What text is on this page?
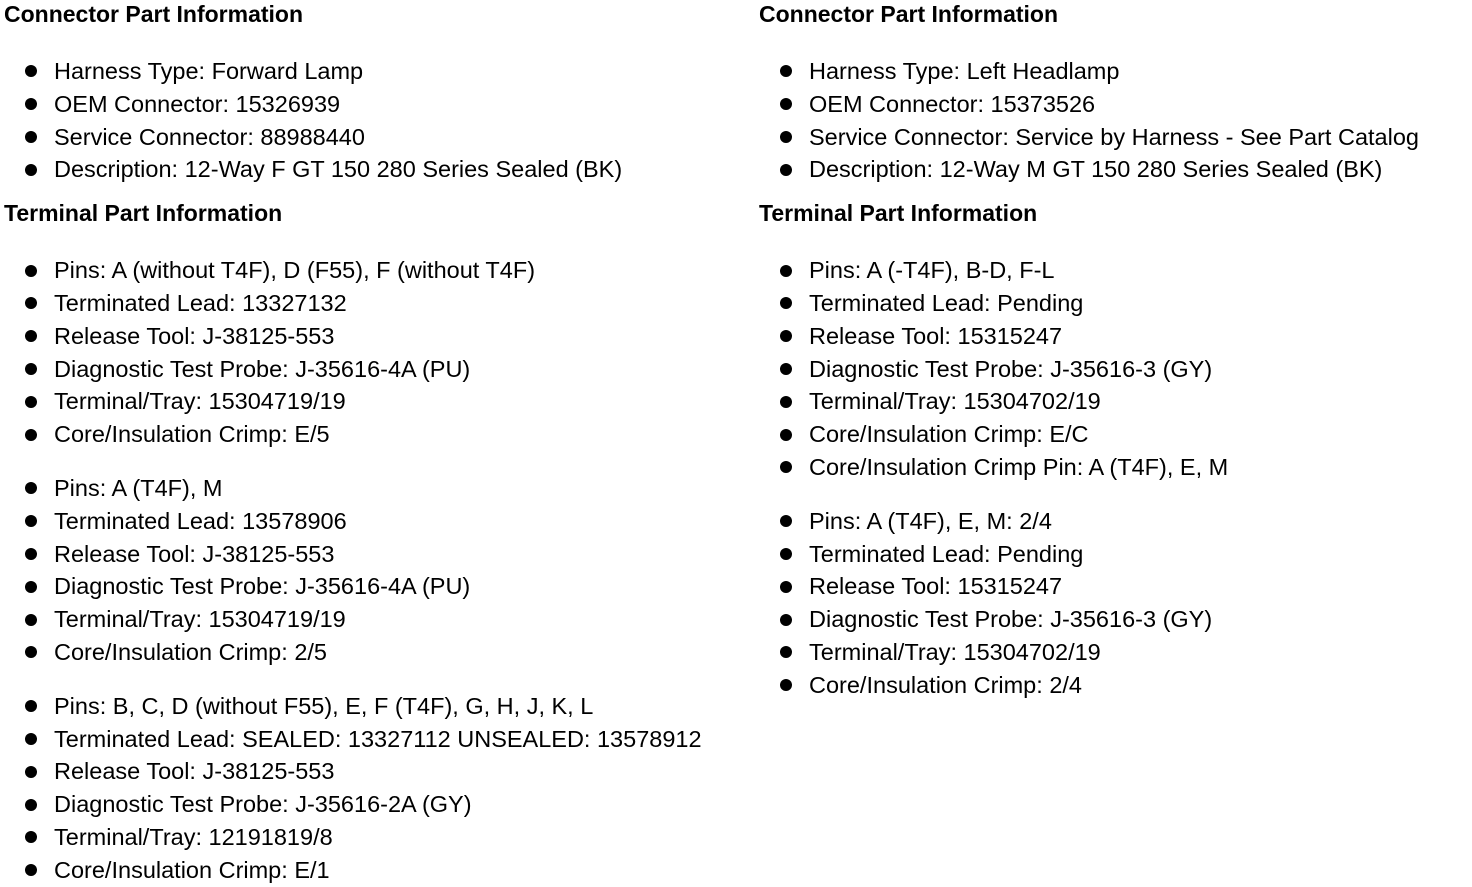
Connector Part Information
Harness Type: Forward Lamp
OEM Connector: 15326939
Service Connector: 88988440
Description: 12-Way F GT 150 280 Series Sealed (BK)
Terminal Part Information
Pins: A (without T4F), D (F55), F (without T4F)
Terminated Lead: 13327132
Release Tool: J-38125-553
Diagnostic Test Probe: J-35616-4A (PU)
Terminal/Tray: 15304719/19
Core/Insulation Crimp: E/5
Pins: A (T4F), M
Terminated Lead: 13578906
Release Tool: J-38125-553
Diagnostic Test Probe: J-35616-4A (PU)
Terminal/Tray: 15304719/19
Core/Insulation Crimp: 2/5
Pins: B, C, D (without F55), E, F (T4F), G, H, J, K, L
Terminated Lead: SEALED: 13327112 UNSEALED: 13578912
Release Tool: J-38125-553
Diagnostic Test Probe: J-35616-2A (GY)
Terminal/Tray: 12191819/8
Core/Insulation Crimp: E/1
Connector Part Information
Harness Type: Left Headlamp
OEM Connector: 15373526
Service Connector: Service by Harness - See Part Catalog
Description: 12-Way M GT 150 280 Series Sealed (BK)
Terminal Part Information
Pins: A (-T4F), B-D, F-L
Terminated Lead: Pending
Release Tool: 15315247
Diagnostic Test Probe: J-35616-3 (GY)
Terminal/Tray: 15304702/19
Core/Insulation Crimp: E/C
Core/Insulation Crimp Pin: A (T4F), E, M
Pins: A (T4F), E, M: 2/4
Terminated Lead: Pending
Release Tool: 15315247
Diagnostic Test Probe: J-35616-3 (GY)
Terminal/Tray: 15304702/19
Core/Insulation Crimp: 2/4
